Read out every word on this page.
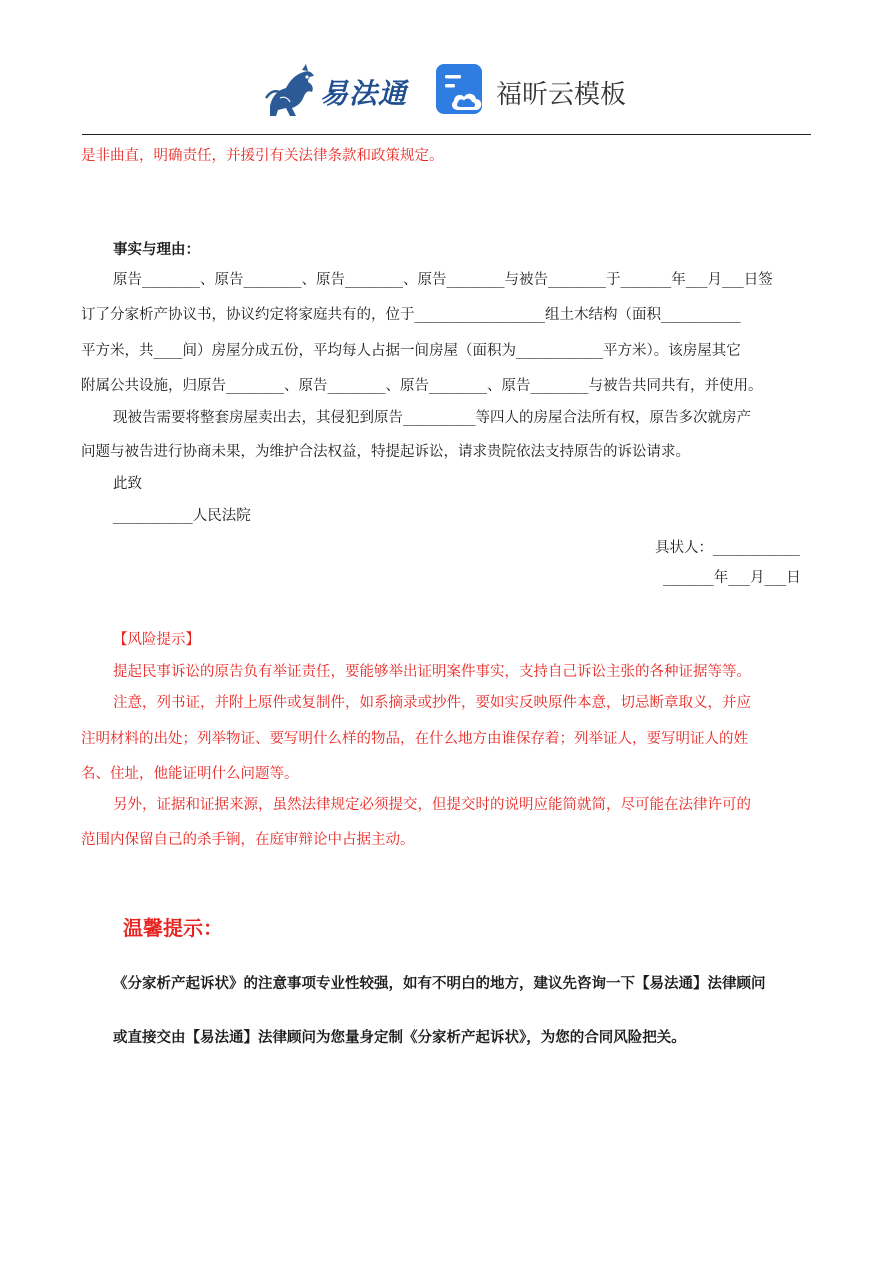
易法通	福昕云模板
是非曲直，明确责任，并援引有关法律条款和政策规定。
事实与理由：
原告________、原告________、原告________、原告________与被告________于_______年___月___日签
订了分家析产协议书，协议约定将家庭共有的，位于__________________组土木结构（面积___________
平方米，共____间）房屋分成五份，平均每人占据一间房屋（面积为____________平方米）。该房屋其它
附属公共设施，归原告________、原告________、原告________、原告________与被告共同共有，并使用。
现被告需要将整套房屋卖出去，其侵犯到原告__________等四人的房屋合法所有权，原告多次就房产
问题与被告进行协商未果，为维护合法权益，特提起诉讼，请求贵院依法支持原告的诉讼请求。
此致
___________人民法院
具状人：____________
_______年___月___日
【风险提示】
提起民事诉讼的原告负有举证责任，要能够举出证明案件事实，支持自己诉讼主张的各种证据等等。
注意，列书证，并附上原件或复制件，如系摘录或抄件，要如实反映原件本意，切忌断章取义，并应
注明材料的出处；列举物证、要写明什么样的物品，在什么地方由谁保存着；列举证人，要写明证人的姓
名、住址，他能证明什么问题等。
另外，证据和证据来源，虽然法律规定必须提交，但提交时的说明应能简就简，尽可能在法律许可的
范围内保留自己的杀手锏，在庭审辩论中占据主动。
温馨提示：
《分家析产起诉状》的注意事项专业性较强，如有不明白的地方，建议先咨询一下【易法通】法律顾问
或直接交由【易法通】法律顾问为您量身定制《分家析产起诉状》，为您的合同风险把关。
